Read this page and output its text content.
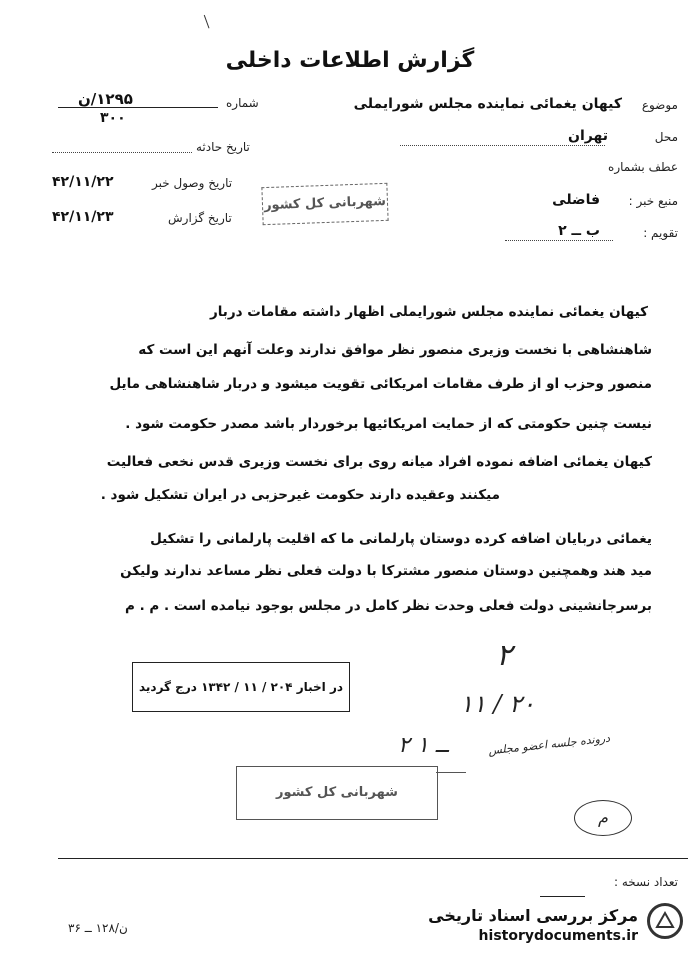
گزارش اطلاعات داخلی
موضوع
کیهان یغمائی نماینده مجلس شورایملی
محل
تهران
عطف بشماره
منبع خبر :
فاضلی
تقویم :
ب ــ ۲
شماره
۱۲۹۵/ن
۳۰۰
تاریخ حادثه
تاریخ وصول خبر
۴۲/۱۱/۲۲
تاریخ گزارش
۴۲/۱۱/۲۳
شهربانی کل کشور
کیهان یغمائی نماینده مجلس شورایملی اظهار داشته مقامات دربار
شاهنشاهی با نخست وزیری منصور نظر موافق ندارند وعلت آنهم این است که
منصور وحزب او از طرف مقامات امریکائی تقویت میشود و دربار شاهنشاهی مایل
نیست چنین حکومتی که از حمایت امریکائیها برخوردار باشد مصدر حکومت شود .
کیهان یغمائی اضافه نموده افراد میانه روی برای نخست وزیری قدس نخعی فعالیت
میکنند وعقیده دارند حکومت غیرحزبی در ایران تشکیل شود .
یغمائی دربایان اضافه کرده دوستان پارلمانی ما که اقلیت پارلمانی را تشکیل
مید هند وهمچنین دوستان منصور مشترکا با دولت فعلی نظر مساعد ندارند ولیکن
برسرجانشینی دولت فعلی وحدت نظر کامل در مجلس بوجود نیامده است . م . م
در اخبار ۲۰۴ / ۱۱ / ۱۳۴۲ درج گردید
۲
۱۱ / ۲۰
درونده جلسه اعضو مجلس
۲ ــ ۱
شهربانی کل کشور
م
تعداد نسخه :
ن/۱۲۸ ــ ۳۶
مرکز بررسی اسناد تاریخی
historydocuments.ir
